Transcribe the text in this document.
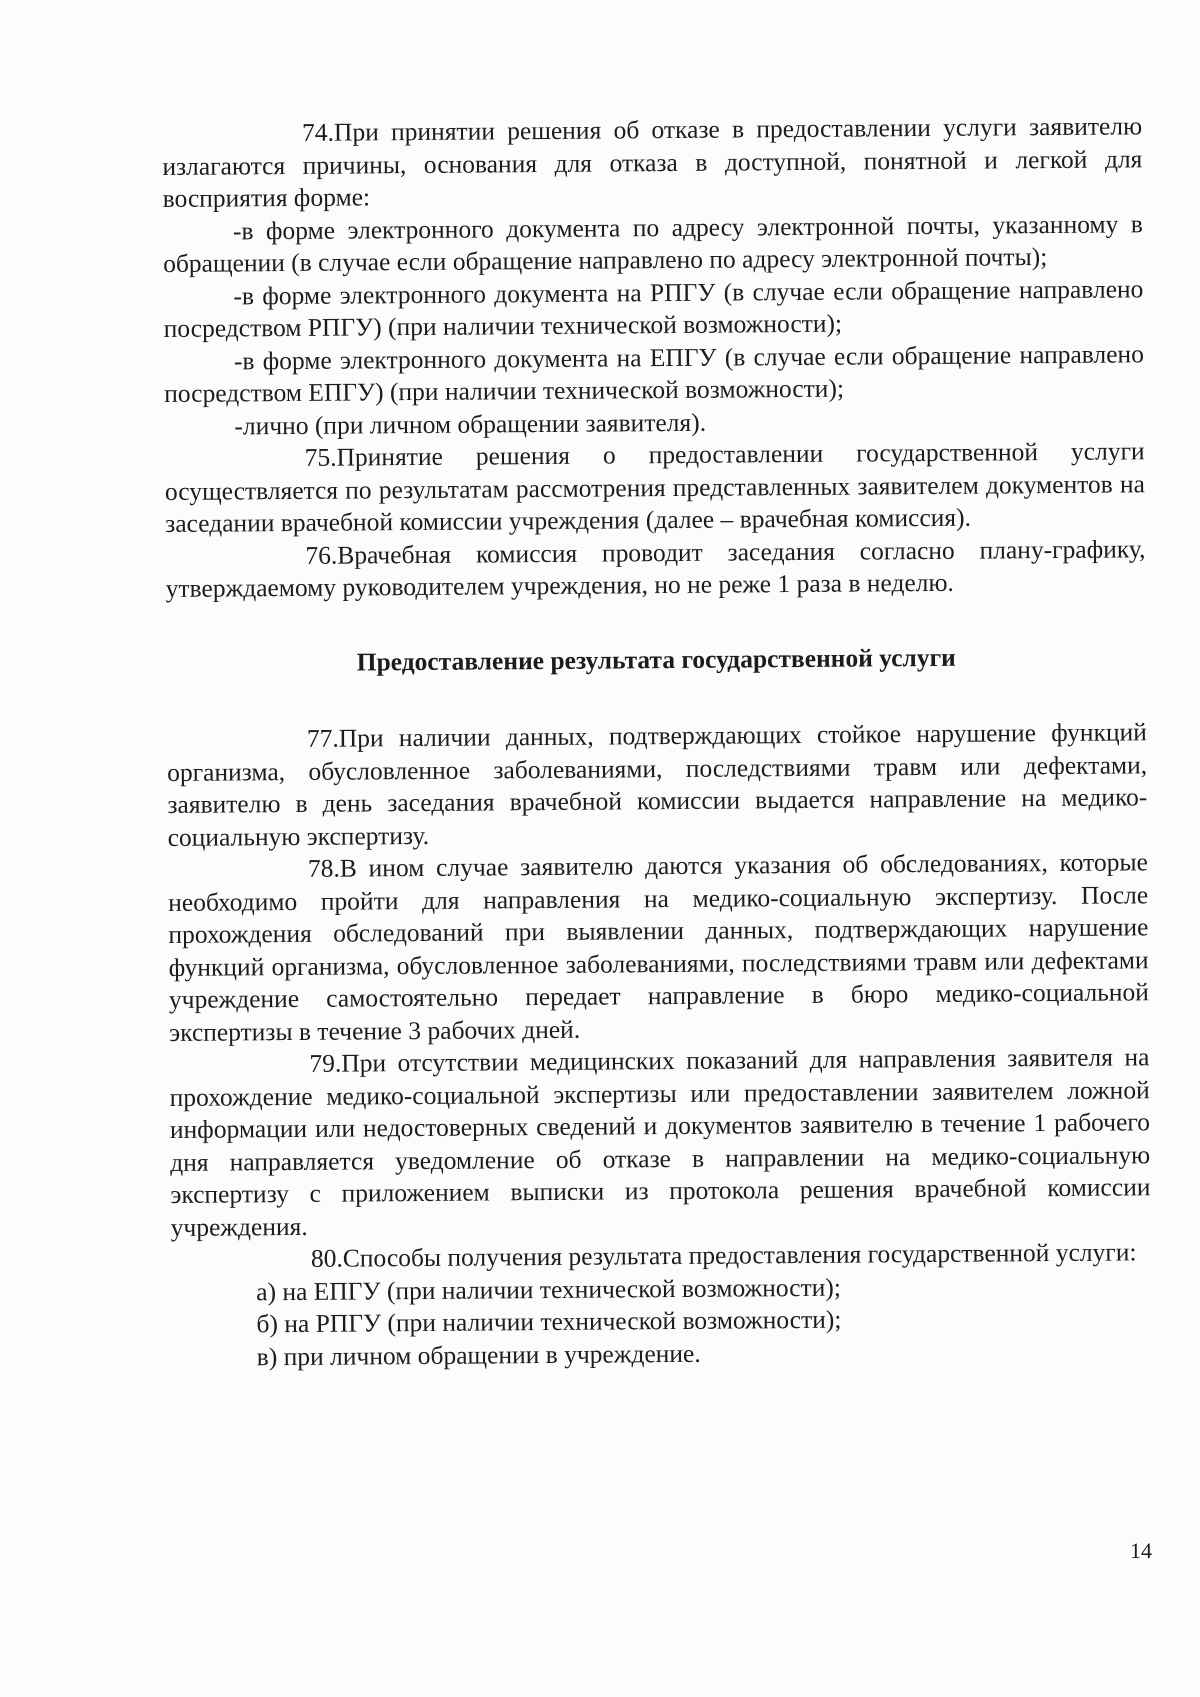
74.При принятии решения об отказе в предоставлении услуги заявителю излагаются причины, основания для отказа в доступной, понятной и легкой для восприятия форме:

-в форме электронного документа по адресу электронной почты, указанному в обращении (в случае если обращение направлено по адресу электронной почты);

-в форме электронного документа на РПГУ (в случае если обращение направлено посредством РПГУ) (при наличии технической возможности);

-в форме электронного документа на ЕПГУ (в случае если обращение направлено посредством ЕПГУ) (при наличии технической возможности);

-лично (при личном обращении заявителя).

75.Принятие решения о предоставлении государственной услуги осуществляется по результатам рассмотрения представленных заявителем документов на заседании врачебной комиссии учреждения (далее – врачебная комиссия).

76.Врачебная комиссия проводит заседания согласно плану-графику, утверждаемому руководителем учреждения, но не реже 1 раза в неделю.

Предоставление результата государственной услуги

77.При наличии данных, подтверждающих стойкое нарушение функций организма, обусловленное заболеваниями, последствиями травм или дефектами, заявителю в день заседания врачебной комиссии выдается направление на медико-социальную экспертизу.

78.В ином случае заявителю даются указания об обследованиях, которые необходимо пройти для направления на медико-социальную экспертизу. После прохождения обследований при выявлении данных, подтверждающих нарушение функций организма, обусловленное заболеваниями, последствиями травм или дефектами учреждение самостоятельно передает направление в бюро медико-социальной экспертизы в течение 3 рабочих дней.

79.При отсутствии медицинских показаний для направления заявителя на прохождение медико-социальной экспертизы или предоставлении заявителем ложной информации или недостоверных сведений и документов заявителю в течение 1 рабочего дня направляется уведомление об отказе в направлении на медико-социальную экспертизу с приложением выписки из протокола решения врачебной комиссии учреждения.

80.Способы получения результата предоставления государственной услуги:

а) на ЕПГУ (при наличии технической возможности);

б) на РПГУ (при наличии технической возможности);

в) при личном обращении в учреждение.

14
